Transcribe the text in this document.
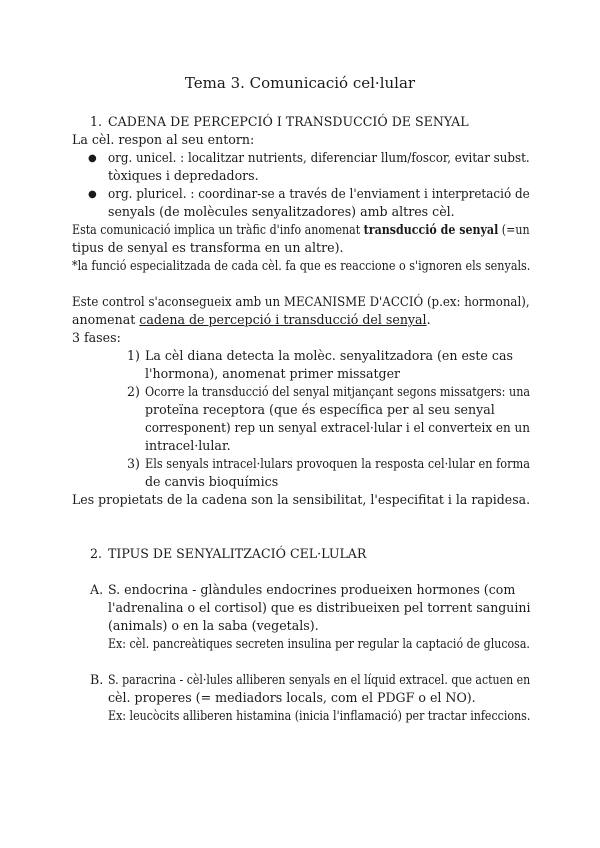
Tema 3. Comunicació cel·lular
1. CADENA DE PERCEPCIÓ I TRANSDUCCIÓ DE SENYAL
La cèl. respon al seu entorn:
● org. unicel. : localitzar nutrients, diferenciar llum/foscor, evitar subst.
tòxiques i depredadors.
● org. pluricel. : coordinar-se a través de l'enviament i interpretació de
senyals (de molècules senyalitzadores) amb altres cèl.
Esta comunicació implica un tràfic d'info anomenat transducció de senyal (=un
tipus de senyal es transforma en un altre).
*la funció especialitzada de cada cèl. fa que es reaccione o s'ignoren els senyals.
Este control s'aconsegueix amb un MECANISME D'ACCIÓ (p.ex: hormonal),
anomenat cadena de percepció i transducció del senyal.
3 fases:
1) La cèl diana detecta la molèc. senyalitzadora (en este cas
l'hormona), anomenat primer missatger
2) Ocorre la transducció del senyal mitjançant segons missatgers: una
proteïna receptora (que és específica per al seu senyal
corresponent) rep un senyal extracel·lular i el converteix en un
intracel·lular.
3) Els senyals intracel·lulars provoquen la resposta cel·lular en forma
de canvis bioquímics
Les propietats de la cadena son la sensibilitat, l'especifitat i la rapidesa.
2. TIPUS DE SENYALITZACIÓ CEL·LULAR
A. S. endocrina - glàndules endocrines produeixen hormones (com
l'adrenalina o el cortisol) que es distribueixen pel torrent sanguini
(animals) o en la saba (vegetals).
Ex: cèl. pancreàtiques secreten insulina per regular la captació de glucosa.
B. S. paracrina - cèl·lules alliberen senyals en el líquid extracel. que actuen en
cèl. properes (= mediadors locals, com el PDGF o el NO).
Ex: leucòcits alliberen histamina (inicia l'inflamació) per tractar infeccions.
